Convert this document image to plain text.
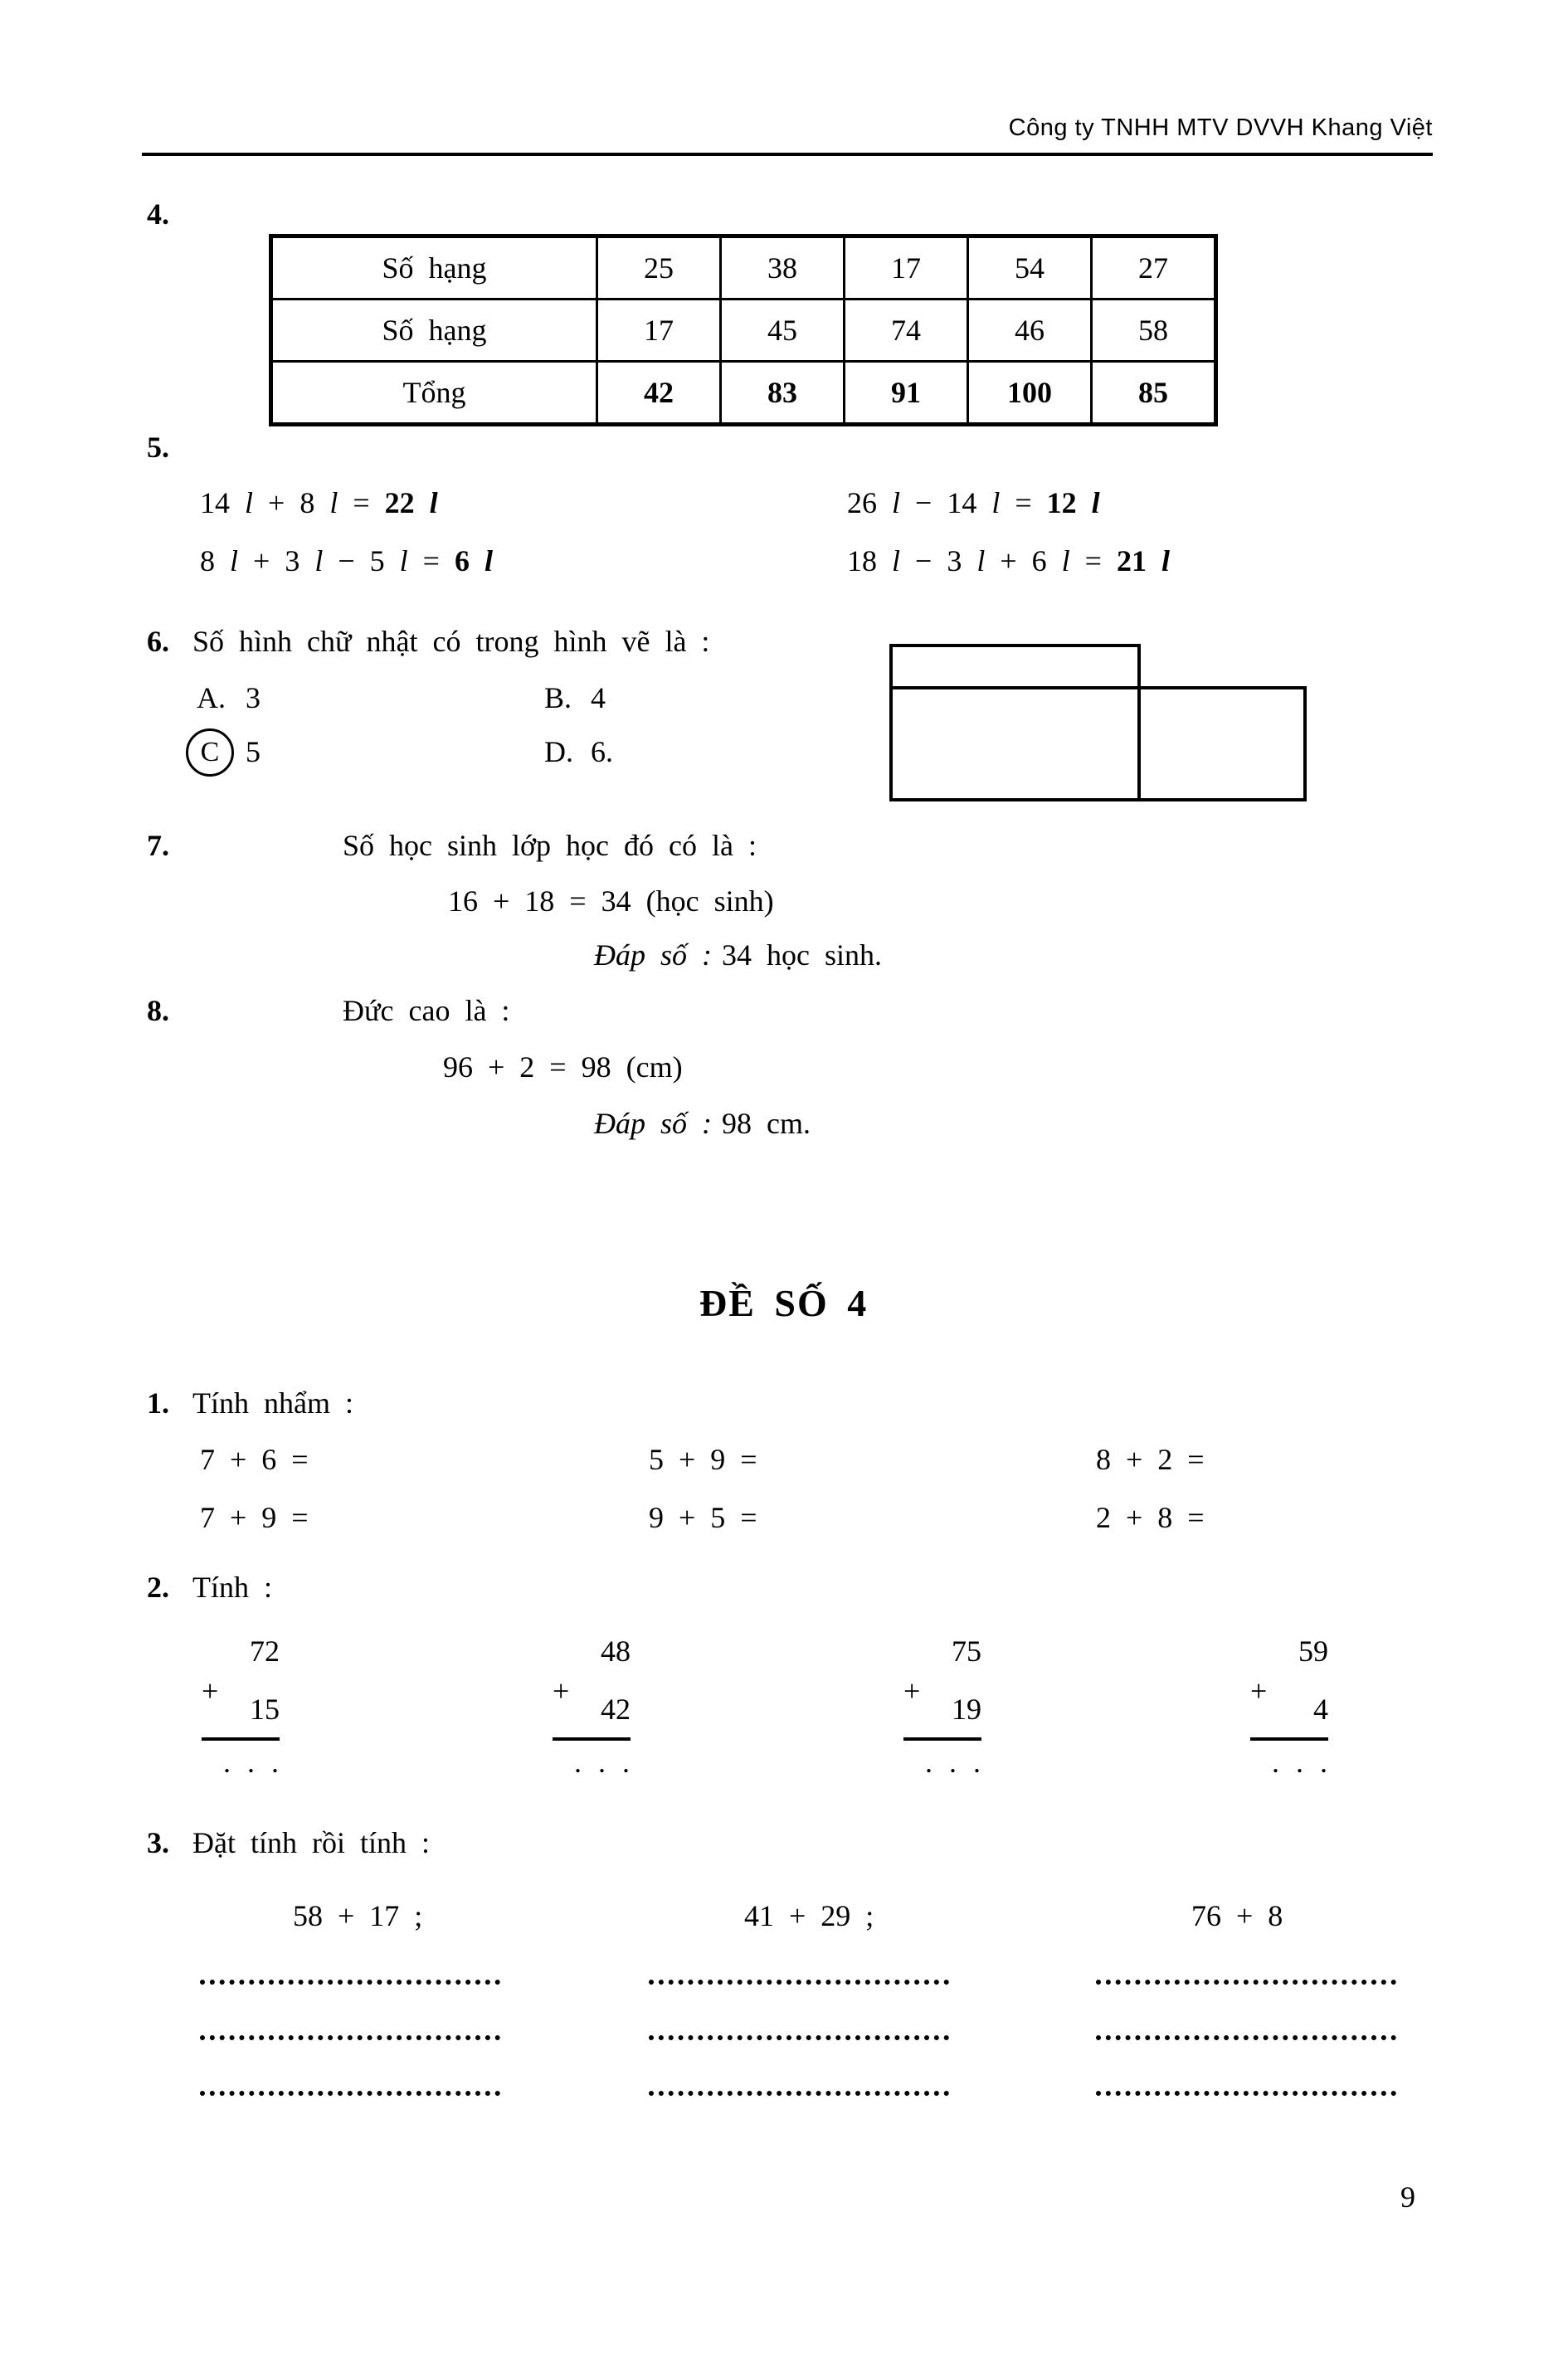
Công ty TNHH MTV DVVH Khang Việt
4.
Số hạng	25	38	17	54	27
Số hạng	17	45	74	46	58
Tổng	42	83	91	100	85
5.
6. Số hình chữ nhật có trong hình vẽ là :
7.	Số học sinh lớp học đó có là :
16 + 18 = 34 (học sinh)
Đáp số : 34 học sinh.
8.	Đức cao là :
96 + 2 = 98 (cm)
Đáp số : 98 cm.
ĐỀ SỐ 4
1. Tính nhẩm :
2. Tính :
3. Đặt tính rồi tính :
9
14 l + 8 l = 22 l	26 l − 14 l = 12 l
8 l + 3 l − 5 l = 6 l	18 l − 3 l + 6 l = 21 l
A. 3	B. 4
C 5	D. 6.
7 + 6 =	5 + 9 =	8 + 2 =
7 + 9 =	9 + 5 =	2 + 8 =
72
+
15
. . .
48
+
42
. . .
75
+
19
. . .
59
+
4
. . .
58 + 17 ;	41 + 29 ;	76 + 8
